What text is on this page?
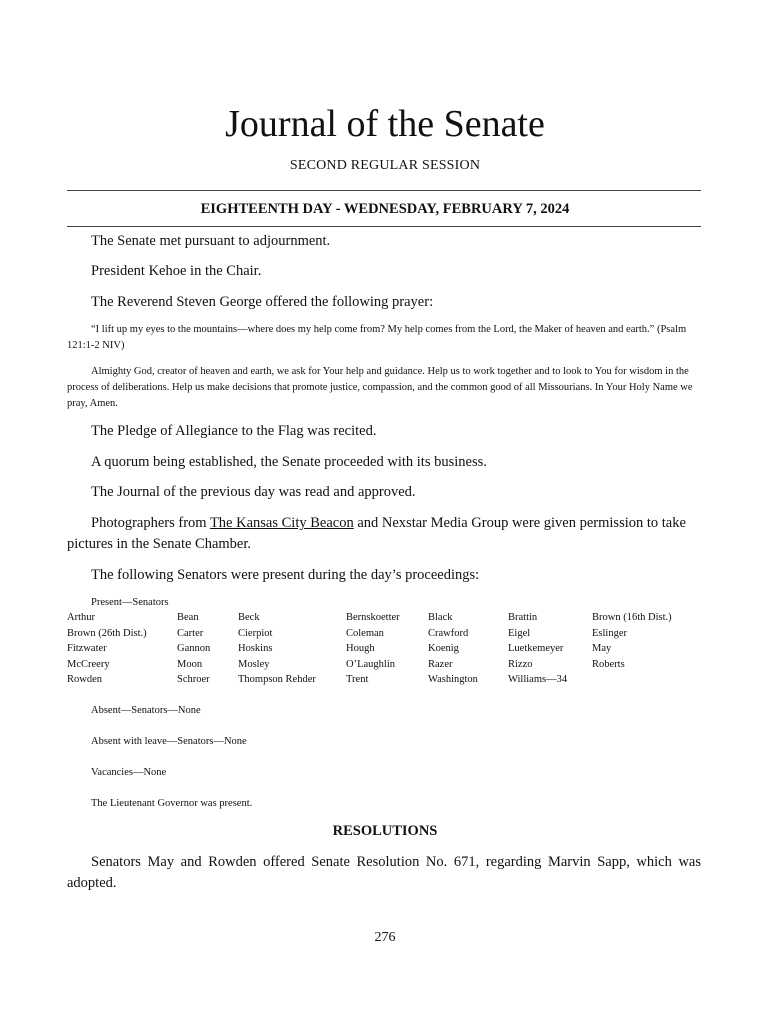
Journal of the Senate
SECOND REGULAR SESSION
EIGHTEENTH DAY - WEDNESDAY, FEBRUARY 7, 2024
The Senate met pursuant to adjournment.
President Kehoe in the Chair.
The Reverend Steven George offered the following prayer:
“I lift up my eyes to the mountains—where does my help come from? My help comes from the Lord, the Maker of heaven and earth.” (Psalm 121:1-2 NIV)
Almighty God, creator of heaven and earth, we ask for Your help and guidance. Help us to work together and to look to You for wisdom in the process of deliberations. Help us make decisions that promote justice, compassion, and the common good of all Missourians. In Your Holy Name we pray, Amen.
The Pledge of Allegiance to the Flag was recited.
A quorum being established, the Senate proceeded with its business.
The Journal of the previous day was read and approved.
Photographers from The Kansas City Beacon and Nexstar Media Group were given permission to take pictures in the Senate Chamber.
The following Senators were present during the day’s proceedings:
Present—Senators
Arthur	Bean	Beck	Bernskoetter	Black	Brattin	Brown (16th Dist.)
Brown (26th Dist.)	Carter	Cierpiot	Coleman	Crawford	Eigel	Eslinger
Fitzwater	Gannon	Hoskins	Hough	Koenig	Luetkemeyer	May
McCreery	Moon	Mosley	O’Laughlin	Razer	Rizzo	Roberts
Rowden	Schroer	Thompson Rehder	Trent	Washington	Williams—34
Absent—Senators—None
Absent with leave—Senators—None
Vacancies—None
The Lieutenant Governor was present.
RESOLUTIONS
Senators May and Rowden offered Senate Resolution No. 671, regarding Marvin Sapp, which was adopted.
276
